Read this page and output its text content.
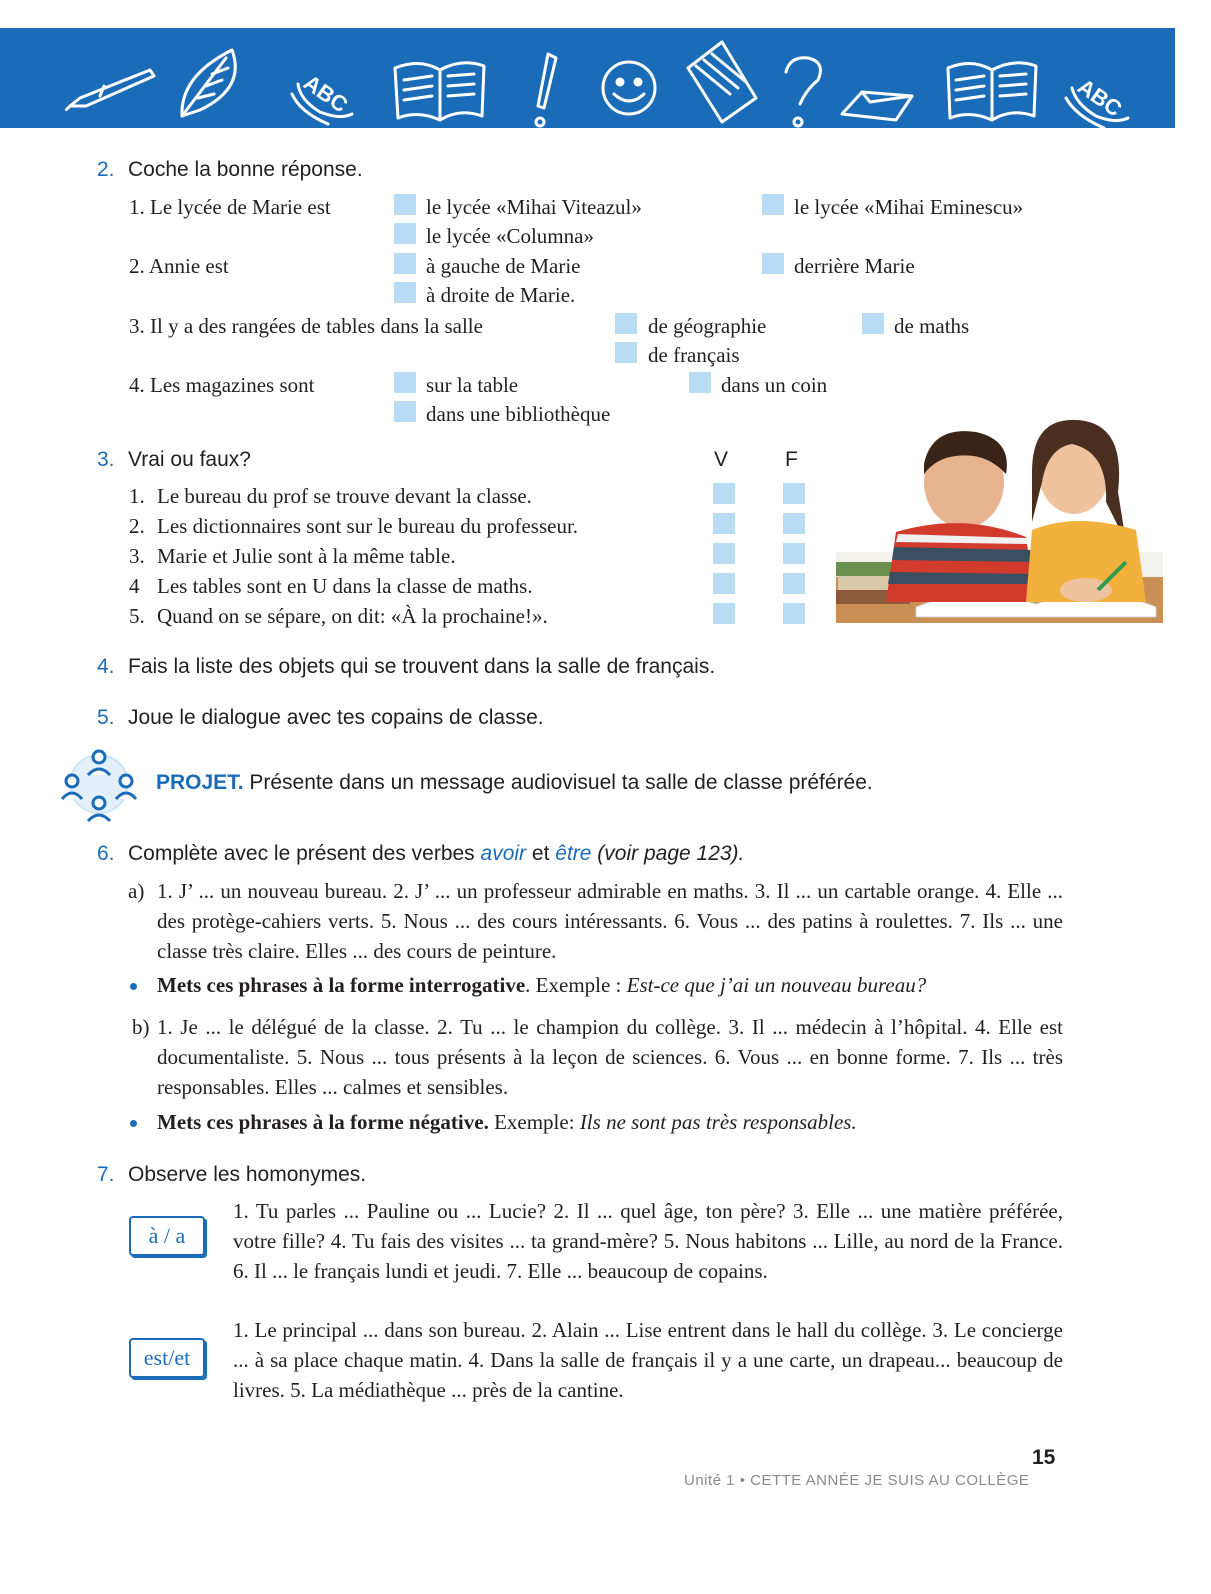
ABC	ABC
2. Coche la bonne réponse.
1. Le lycée de Marie est	le lycée «Mihai Viteazul»	le lycée «Mihai Eminescu»
le lycée «Columna»
2. Annie est	à gauche de Marie	derrière Marie
à droite de Marie.
3. Il y a des rangées de tables dans la salle	de géographie	de maths
de français
4. Les magazines sont	sur la table	dans un coin
dans une bibliothèque
3. Vrai ou faux?	V	F
1. Le bureau du prof se trouve devant la classe.
2. Les dictionnaires sont sur le bureau du professeur.
3. Marie et Julie sont à la même table.
4 Les tables sont en U dans la classe de maths.
5. Quand on se sépare, on dit: «À la prochaine!».
4. Fais la liste des objets qui se trouvent dans la salle de français.
5. Joue le dialogue avec tes copains de classe.
PROJET. Présente dans un message audiovisuel ta salle de classe préférée.
6. Complète avec le présent des verbes avoir et être (voir page 123).
a) 1. J’ ... un nouveau bureau. 2. J’ ... un professeur admirable en maths. 3. Il ... un cartable orange. 4. Elle ... des protège-cahiers verts. 5. Nous ... des cours intéressants. 6. Vous ... des patins à roulettes. 7. Ils ... une classe très claire. Elles ... des cours de peinture.
Mets ces phrases à la forme interrogative. Exemple : Est-ce que j’ai un nouveau bureau?
b) 1. Je ... le délégué de la classe. 2. Tu ... le champion du collège. 3. Il ... médecin à l’hôpital. 4. Elle est documentaliste. 5. Nous ... tous présents à la leçon de sciences. 6. Vous ... en bonne forme. 7. Ils ... très responsables. Elles ... calmes et sensibles.
Mets ces phrases à la forme négative. Exemple: Ils ne sont pas très responsables.
7. Observe les homonymes.
à / a
1. Tu parles ... Pauline ou ... Lucie? 2. Il ... quel âge, ton père? 3. Elle ... une matière préférée, votre fille? 4. Tu fais des visites ... ta grand-mère? 5. Nous habitons ... Lille, au nord de la France. 6. Il ... le français lundi et jeudi. 7. Elle ... beaucoup de copains.
est/et
1. Le principal ... dans son bureau. 2. Alain ... Lise entrent dans le hall du collège. 3. Le concierge ... à sa place chaque matin. 4. Dans la salle de français il y a une carte, un drapeau... beaucoup de livres. 5. La médiathèque ... près de la cantine.
15
Unité 1 • CETTE ANNÉE JE SUIS AU COLLÈGE
